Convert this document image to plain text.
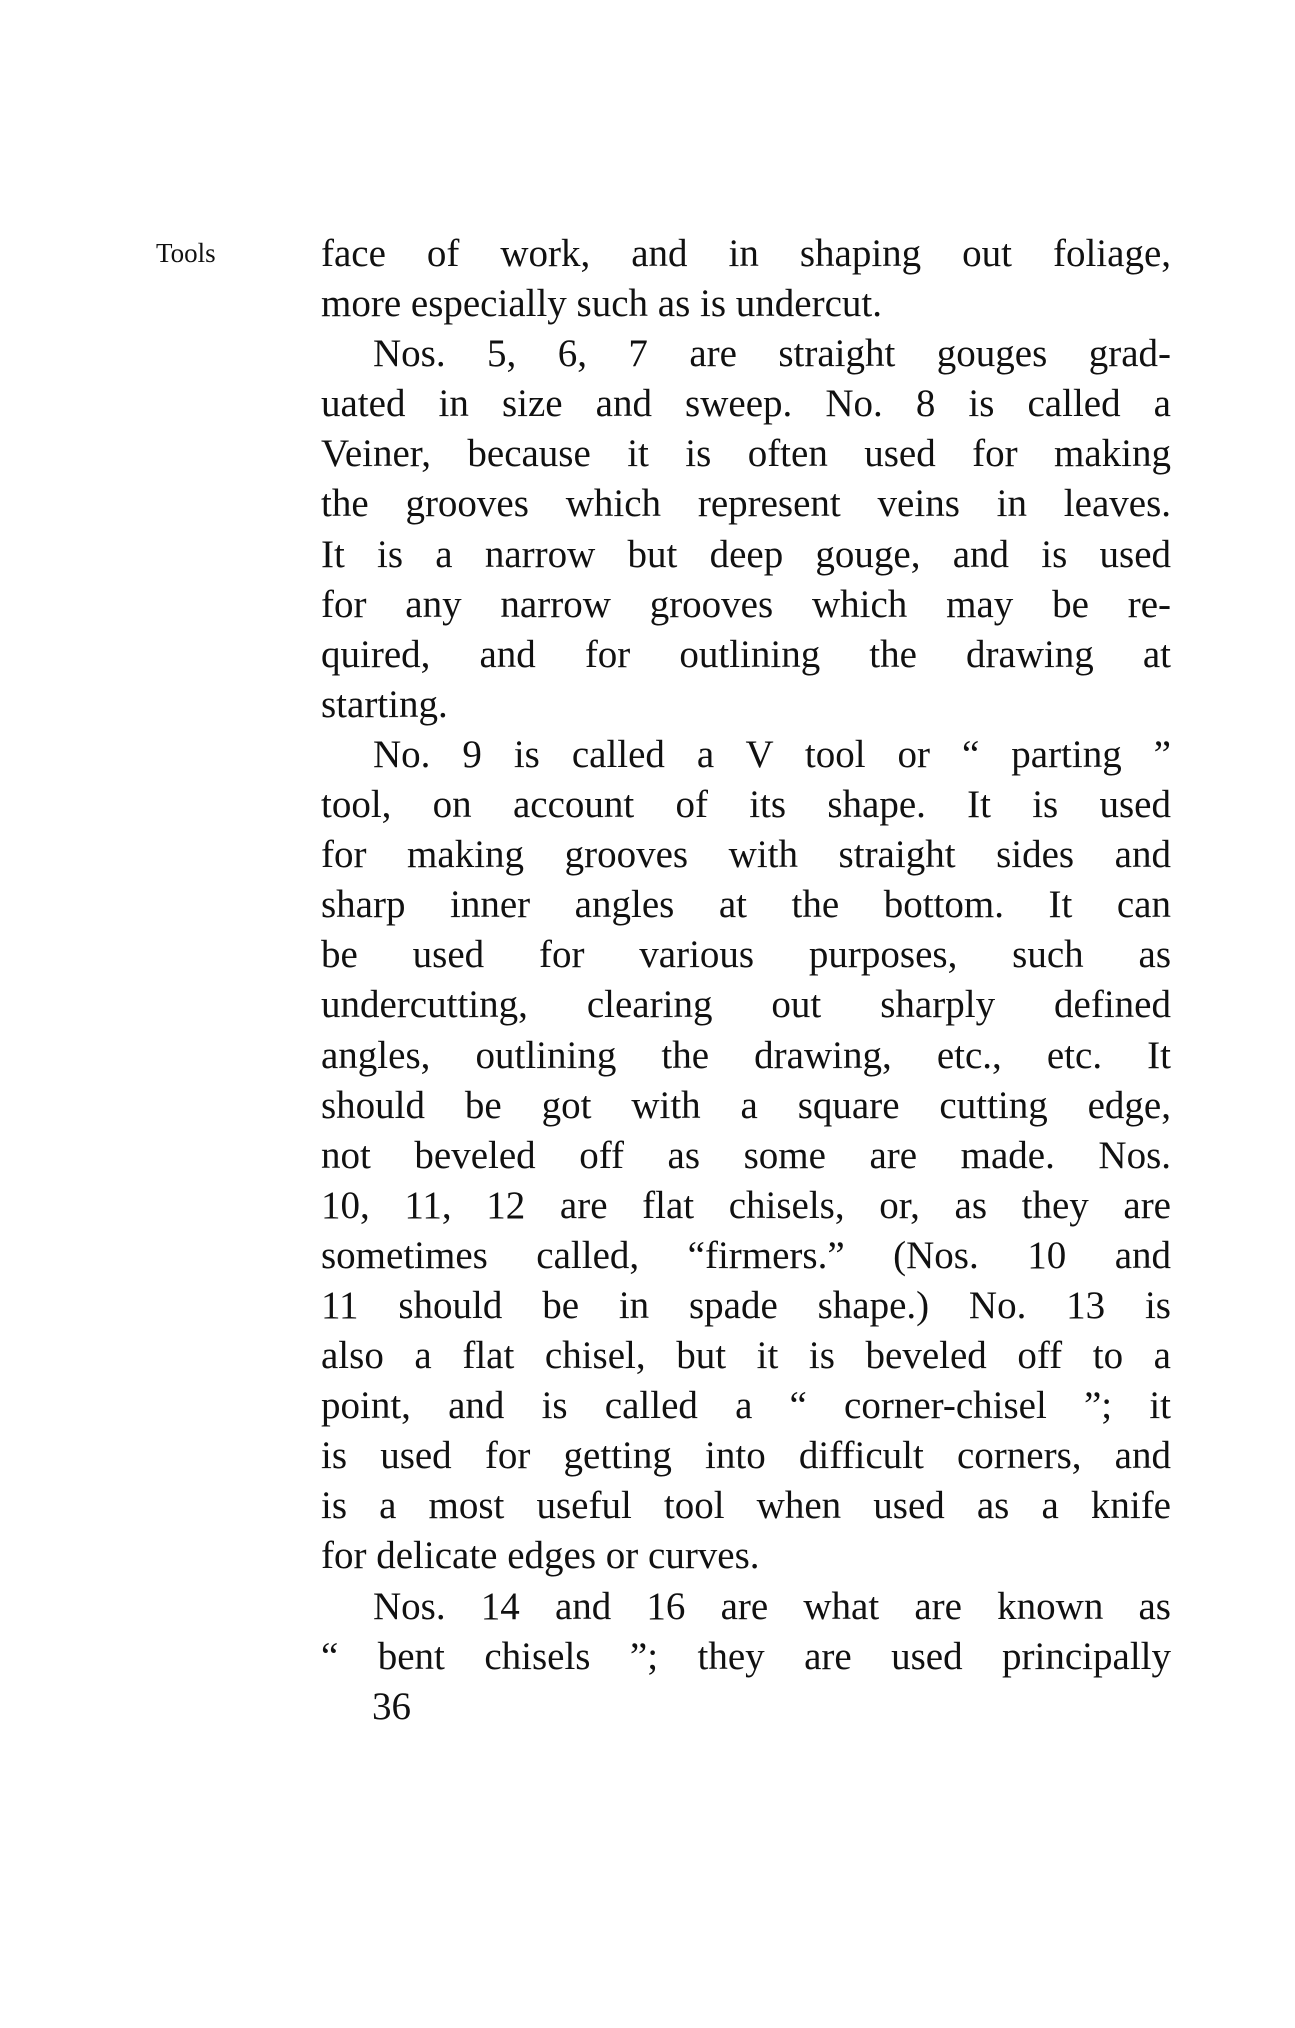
Tools	face of work, and in shaping out foliage,
more especially such as is undercut.
Nos. 5, 6, 7 are straight gouges grad-
uated in size and sweep. No. 8 is called a
Veiner, because it is often used for making
the grooves which represent veins in leaves.
It is a narrow but deep gouge, and is used
for any narrow grooves which may be re-
quired, and for outlining the drawing at
starting.
No. 9 is called a V tool or “ parting ”
tool, on account of its shape. It is used
for making grooves with straight sides and
sharp inner angles at the bottom. It can
be used for various purposes, such as
undercutting, clearing out sharply defined
angles, outlining the drawing, etc., etc. It
should be got with a square cutting edge,
not beveled off as some are made. Nos.
10, 11, 12 are flat chisels, or, as they are
sometimes called, “firmers.” (Nos. 10 and
11 should be in spade shape.) No. 13 is
also a flat chisel, but it is beveled off to a
point, and is called a “ corner-chisel ”; it
is used for getting into difficult corners, and
is a most useful tool when used as a knife
for delicate edges or curves.
Nos. 14 and 16 are what are known as
“ bent chisels ”; they are used principally
36
